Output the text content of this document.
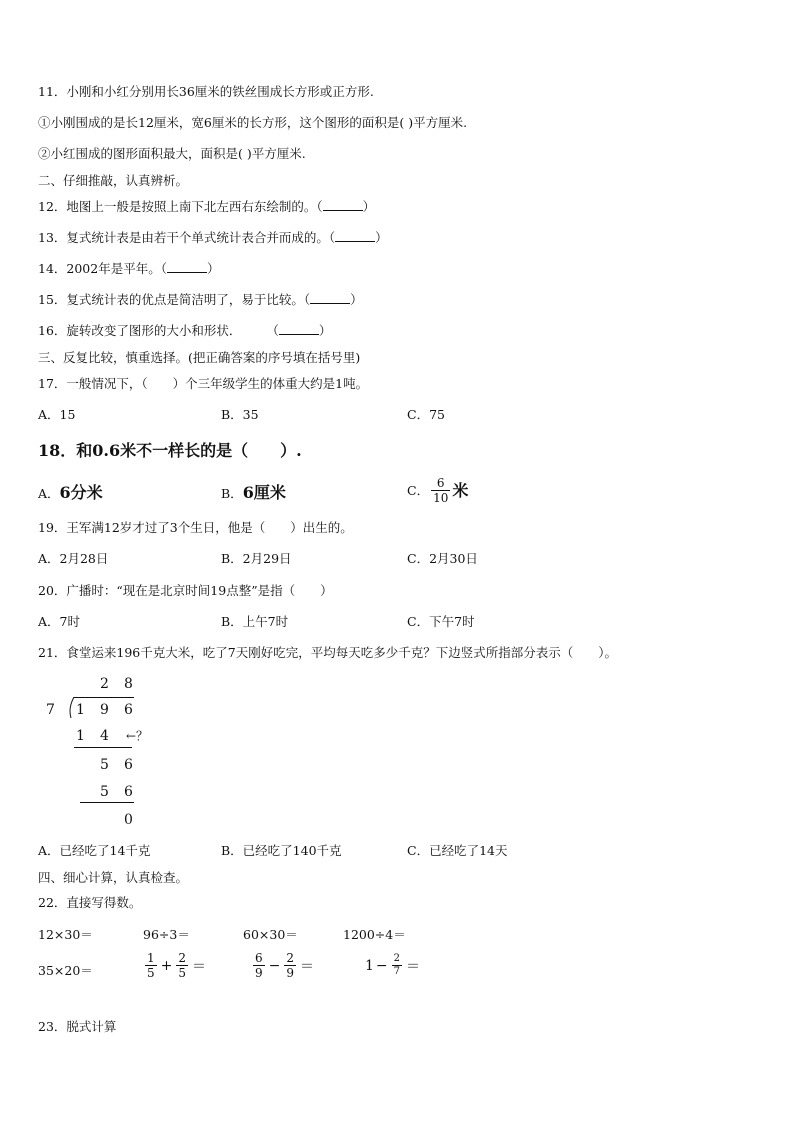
11．小刚和小红分别用长36厘米的铁丝围成长方形或正方形.
①小刚围成的是长12厘米，宽6厘米的长方形，这个图形的面积是( )平方厘米.
②小红围成的图形面积最大，面积是( )平方厘米.
二、仔细推敲，认真辨析。
12．地图上一般是按照上南下北左西右东绘制的。（	）
13．复式统计表是由若干个单式统计表合并而成的。（	）
14．2002年是平年。（	）
15．复式统计表的优点是简洁明了，易于比较。（	）
16．旋转改变了图形的大小和形状．　　　（	）
三、反复比较，慎重选择。(把正确答案的序号填在括号里)
17．一般情况下，（　　）个三年级学生的体重大约是1吨。
A．15	B．35	C．75
18．和0.6米不一样长的是（　　）.
A．6分米	B．6厘米	C． $\frac{6}{10}$ 米
19．王军满12岁才过了3个生日，他是（　　）出生的。
A．2月28日	B．2月29日	C．2月30日
20．广播时：“现在是北京时间19点整”是指（　　）
A．7时	B．上午7时	C．下午7时
21．食堂运来196千克大米，吃了7天刚好吃完，平均每天吃多少千克？下边竖式所指部分表示（　　）。
2 8
7 1 9 6
1 4 ←？
5 6
5 6
0
A．已经吃了14千克	B．已经吃了140千克	C．已经吃了14天
四、细心计算，认真检查。
22．直接写得数。
12×30＝	96÷3＝	60×30＝	1200÷4＝
35×20＝	$\frac{1}{5} + \frac{2}{5}$ ＝	$\frac{6}{9} - \frac{2}{9}$ ＝	$1 - \frac{2}{7}$ ＝
23．脱式计算
